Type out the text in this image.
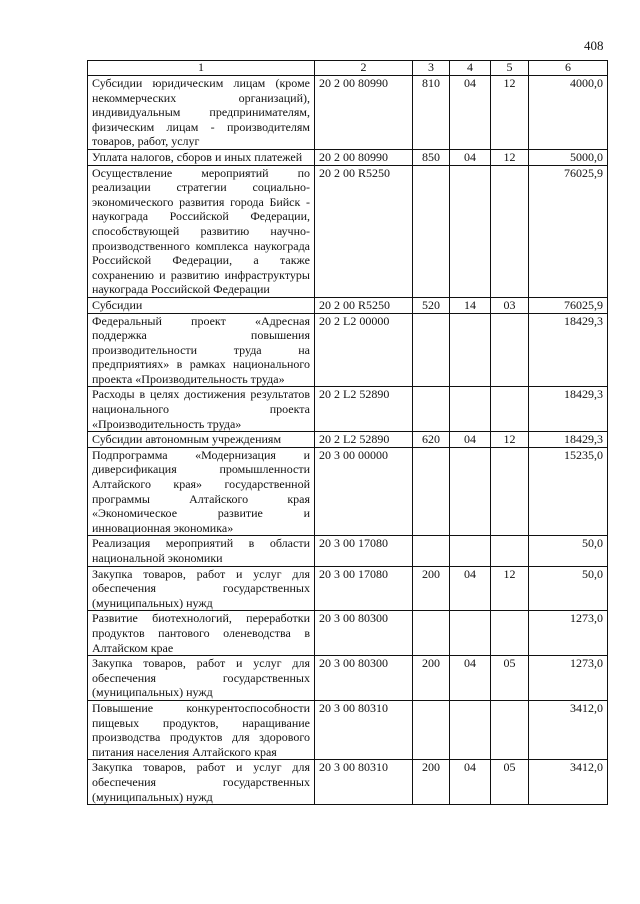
408
1	2	3	4	5	6
Субсидии юридическим лицам (кроме некоммерческих организаций), индивидуальным предпринимателям, физическим лицам - производителям товаров, работ, услуг	20 2 00 80990	810	04	12	4000,0
Уплата налогов, сборов и иных платежей	20 2 00 80990	850	04	12	5000,0
Осуществление мероприятий по реализации стратегии социально-экономического развития города Бийск - наукограда Российской Федерации, способствующей развитию научно-производственного комплекса наукограда Российской Федерации, а также сохранению и развитию инфраструктуры наукограда Российской Федерации	20 2 00 R5250				76025,9
Субсидии	20 2 00 R5250	520	14	03	76025,9
Федеральный проект «Адресная поддержка повышения производительности труда на предприятиях» в рамках национального проекта «Производительность труда»	20 2 L2 00000				18429,3
Расходы в целях достижения результатов национального проекта «Производительность труда»	20 2 L2 52890				18429,3
Субсидии автономным учреждениям	20 2 L2 52890	620	04	12	18429,3
Подпрограмма «Модернизация и диверсификация промышленности Алтайского края» государственной программы Алтайского края «Экономическое развитие и инновационная экономика»	20 3 00 00000				15235,0
Реализация мероприятий в области национальной экономики	20 3 00 17080				50,0
Закупка товаров, работ и услуг для обеспечения государственных (муниципальных) нужд	20 3 00 17080	200	04	12	50,0
Развитие биотехнологий, переработки продуктов пантового оленеводства в Алтайском крае	20 3 00 80300				1273,0
Закупка товаров, работ и услуг для обеспечения государственных (муниципальных) нужд	20 3 00 80300	200	04	05	1273,0
Повышение конкурентоспособности пищевых продуктов, наращивание производства продуктов для здорового питания населения Алтайского края	20 3 00 80310				3412,0
Закупка товаров, работ и услуг для обеспечения государственных (муниципальных) нужд	20 3 00 80310	200	04	05	3412,0
